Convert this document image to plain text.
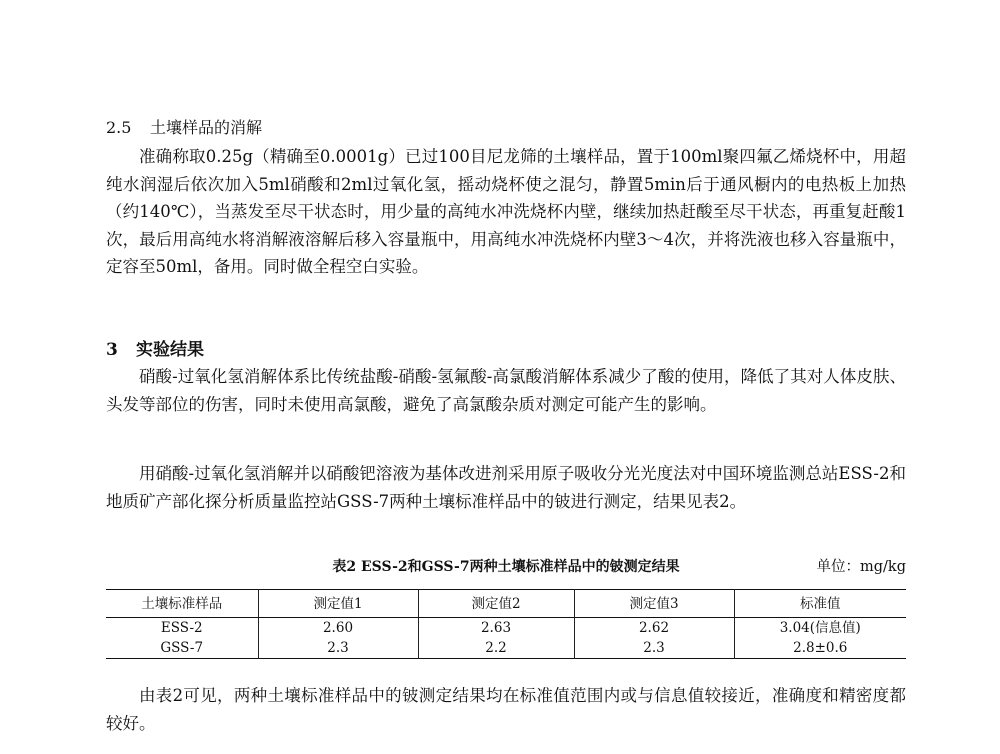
2.5 土壤样品的消解

准确称取0.25g（精确至0.0001g）已过100目尼龙筛的土壤样品，置于100ml聚四氟乙烯烧杯中，用超纯水润湿后依次加入5ml硝酸和2ml过氧化氢，摇动烧杯使之混匀，静置5min后于通风橱内的电热板上加热（约140℃），当蒸发至尽干状态时，用少量的高纯水冲洗烧杯内壁，继续加热赶酸至尽干状态，再重复赶酸1次，最后用高纯水将消解液溶解后移入容量瓶中，用高纯水冲洗烧杯内壁3～4次，并将洗液也移入容量瓶中，定容至50ml，备用。同时做全程空白实验。

3 实验结果

硝酸-过氧化氢消解体系比传统盐酸-硝酸-氢氟酸-高氯酸消解体系减少了酸的使用，降低了其对人体皮肤、头发等部位的伤害，同时未使用高氯酸，避免了高氯酸杂质对测定可能产生的影响。

用硝酸-过氧化氢消解并以硝酸钯溶液为基体改进剂采用原子吸收分光光度法对中国环境监测总站ESS-2和地质矿产部化探分析质量监控站GSS-7两种土壤标准样品中的铍进行测定，结果见表2。

表2 ESS-2和GSS-7两种土壤标准样品中的铍测定结果	单位：mg/kg
土壤标准样品	测定值1	测定值2	测定值3	标准值
ESS-2	2.60	2.63	2.62	3.04(信息值)
GSS-7	2.3	2.2	2.3	2.8±0.6

由表2可见，两种土壤标准样品中的铍测定结果均在标准值范围内或与信息值较接近，准确度和精密度都较好。
